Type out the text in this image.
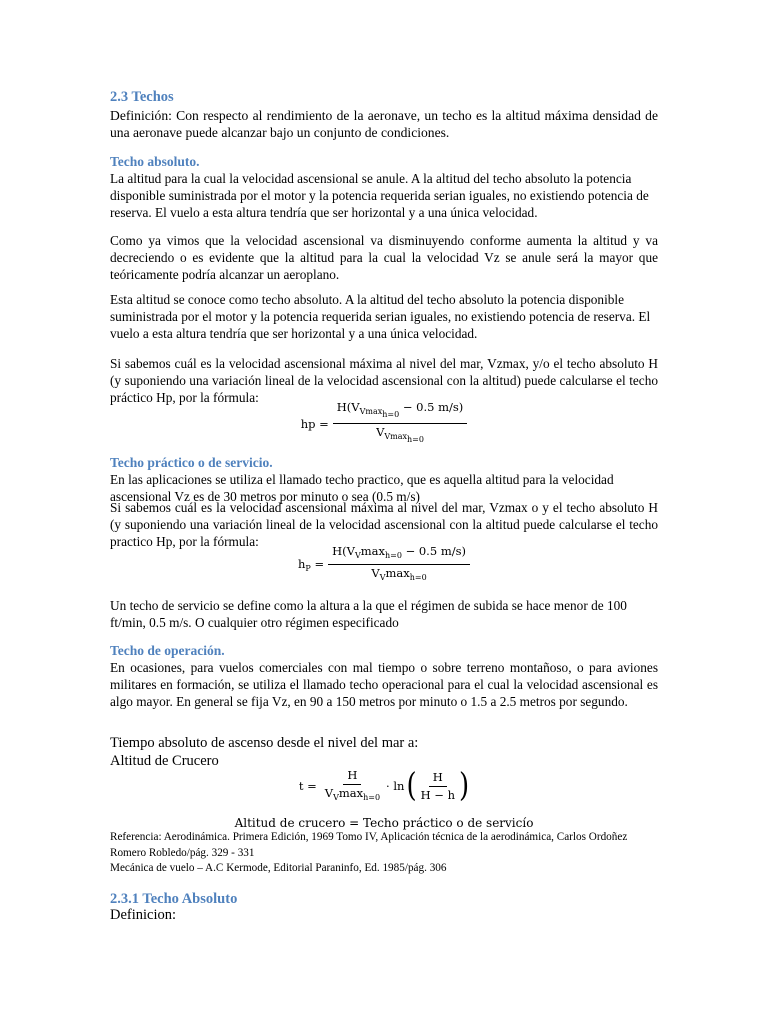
2.3 Techos

Definición: Con respecto al rendimiento de la aeronave, un techo es la altitud máxima densidad de una aeronave puede alcanzar bajo un conjunto de condiciones.

Techo absoluto.

La altitud para la cual la velocidad ascensional se anule. A la altitud del techo absoluto la potencia disponible suministrada por el motor y la potencia requerida serian iguales, no existiendo potencia de reserva. El vuelo a esta altura tendría que ser horizontal y a una única velocidad.

Como ya vimos que la velocidad ascensional va disminuyendo conforme aumenta la altitud y va decreciendo o es evidente que la altitud para la cual la velocidad Vz se anule será la mayor que teóricamente podría alcanzar un aeroplano.

Esta altitud se conoce como techo absoluto. A la altitud del techo absoluto la potencia disponible suministrada por el motor y la potencia requerida serian iguales, no existiendo potencia de reserva. El vuelo a esta altura tendría que ser horizontal y a una única velocidad.

Si sabemos cuál es la velocidad ascensional máxima al nivel del mar, Vzmax, y/o el techo absoluto H (y suponiendo una variación lineal de la velocidad ascensional con la altitud) puede calcularse el techo práctico Hp, por la fórmula:

hp = $\frac{H(V_{Vmaxh=0} - 0.5 m/s)}{V_{Vmaxh=0}}$
Techo práctico o de servicio.

En las aplicaciones se utiliza el llamado techo practico, que es aquella altitud para la velocidad ascensional Vz es de 30 metros por minuto o sea (0.5 m/s)

Si sabemos cuál es la velocidad ascensional máxima al nivel del mar, Vzmax o y el techo absoluto H (y suponiendo una variación lineal de la velocidad ascensional con la altitud puede calcularse el techo practico Hp, por la fórmula:

$h_P = \frac{H(V_V\max_{h=0} - 0.5 m/s)}{V_V\max_{h=0}}$

Un techo de servicio se define como la altura a la que el régimen de subida se hace menor de 100 ft/min, 0.5 m/s. O cualquier otro régimen especificado

Techo de operación.

En ocasiones, para vuelos comerciales con mal tiempo o sobre terreno montañoso, o para aviones militares en formación, se utiliza el llamado techo operacional para el cual la velocidad ascensional es algo mayor. En general se fija Vz, en 90 a 150 metros por minuto o 1.5 a 2.5 metros por segundo.

Tiempo absoluto de ascenso desde el nivel del mar a:
Altitud de Crucero
$t = \frac{H}{V_V\max_{h=0}} \cdot \ln$ ( $\frac{H}{H - h}$ )
Altitud de crucero = Techo práctico o de servicío

Referencia: Aerodinámica. Primera Edición, 1969 Tomo IV, Aplicación técnica de la aerodinámica, Carlos Ordoñez Romero Robledo/pág. 329 - 331

Mecánica de vuelo – A.C Kermode, Editorial Paraninfo, Ed. 1985/pág. 306

2.3.1 Techo Absoluto
Definicion:
